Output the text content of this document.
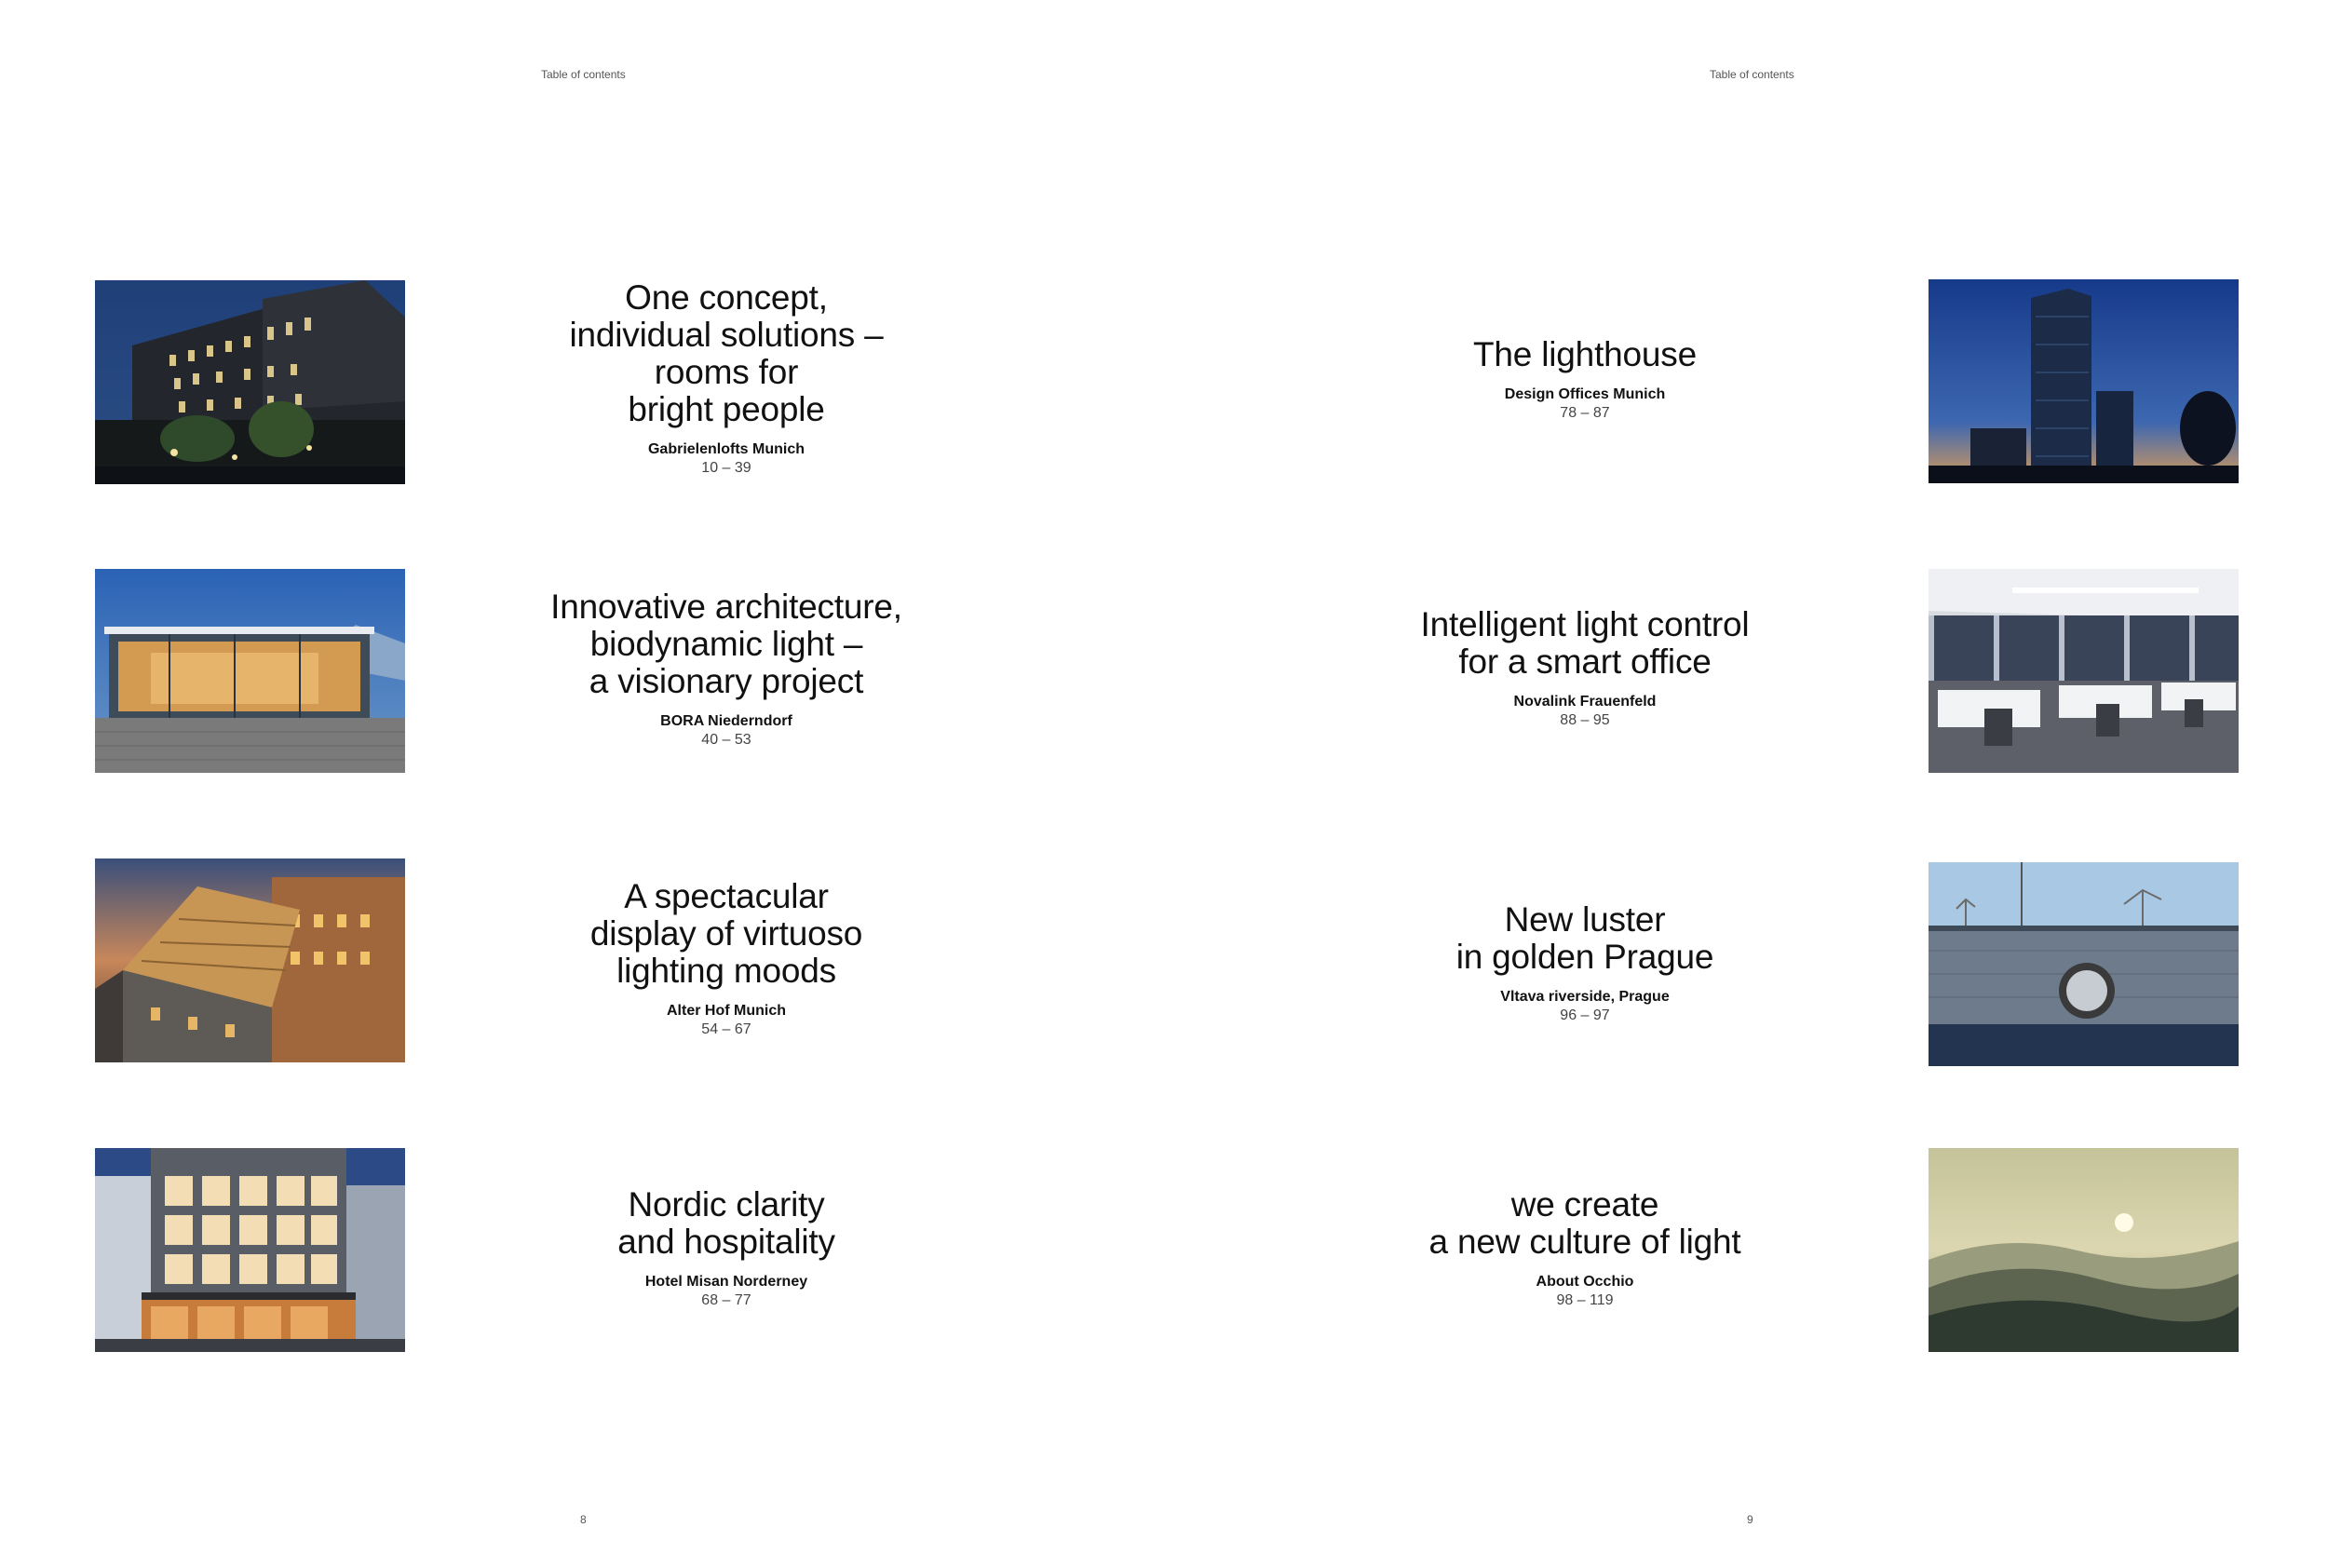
Table of contents	Table of contents
One concept,
individual solutions –
rooms for
bright people
Gabrielenlofts Munich
10 – 39
Innovative architecture,
biodynamic light –
a visionary project
BORA Niederndorf
40 – 53
A spectacular
display of virtuoso
lighting moods
Alter Hof Munich
54 – 67
Nordic clarity
and hospitality
Hotel Misan Norderney
68 – 77
The lighthouse
Design Offices Munich
78 – 87
Intelligent light control
for a smart office
Novalink Frauenfeld
88 – 95
New luster
in golden Prague
Vltava riverside, Prague
96 – 97
we create
a new culture of light
About Occhio
98 – 119
8	9
